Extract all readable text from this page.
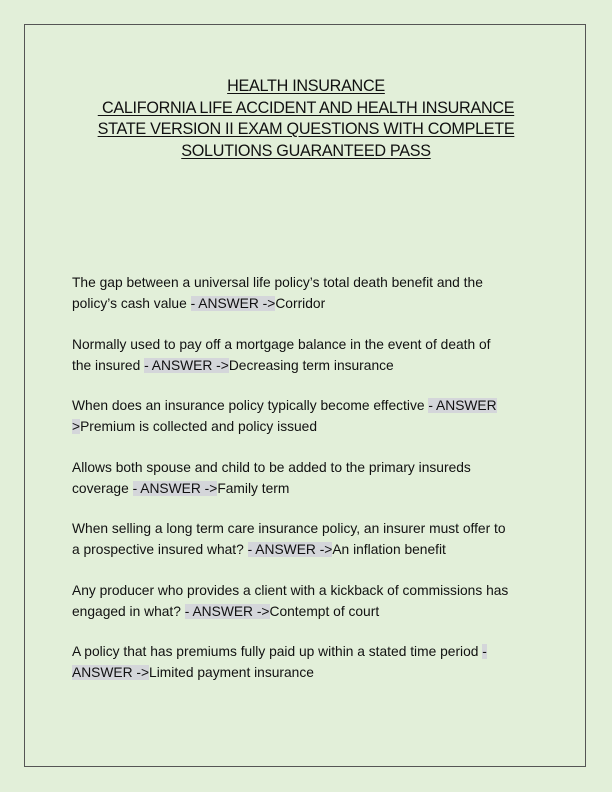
HEALTH INSURANCE
CALIFORNIA LIFE ACCIDENT AND HEALTH INSURANCE
STATE VERSION II EXAM QUESTIONS WITH COMPLETE
SOLUTIONS GUARANTEED PASS
The gap between a universal life policy’s total death benefit and the
policy’s cash value - ANSWER ->Corridor
Normally used to pay off a mortgage balance in the event of death of
the insured - ANSWER ->Decreasing term insurance
When does an insurance policy typically become effective - ANSWER
>Premium is collected and policy issued
Allows both spouse and child to be added to the primary insureds
coverage - ANSWER ->Family term
When selling a long term care insurance policy, an insurer must offer to
a prospective insured what? - ANSWER ->An inflation benefit
Any producer who provides a client with a kickback of commissions has
engaged in what? - ANSWER ->Contempt of court
A policy that has premiums fully paid up within a stated time period -
ANSWER ->Limited payment insurance
